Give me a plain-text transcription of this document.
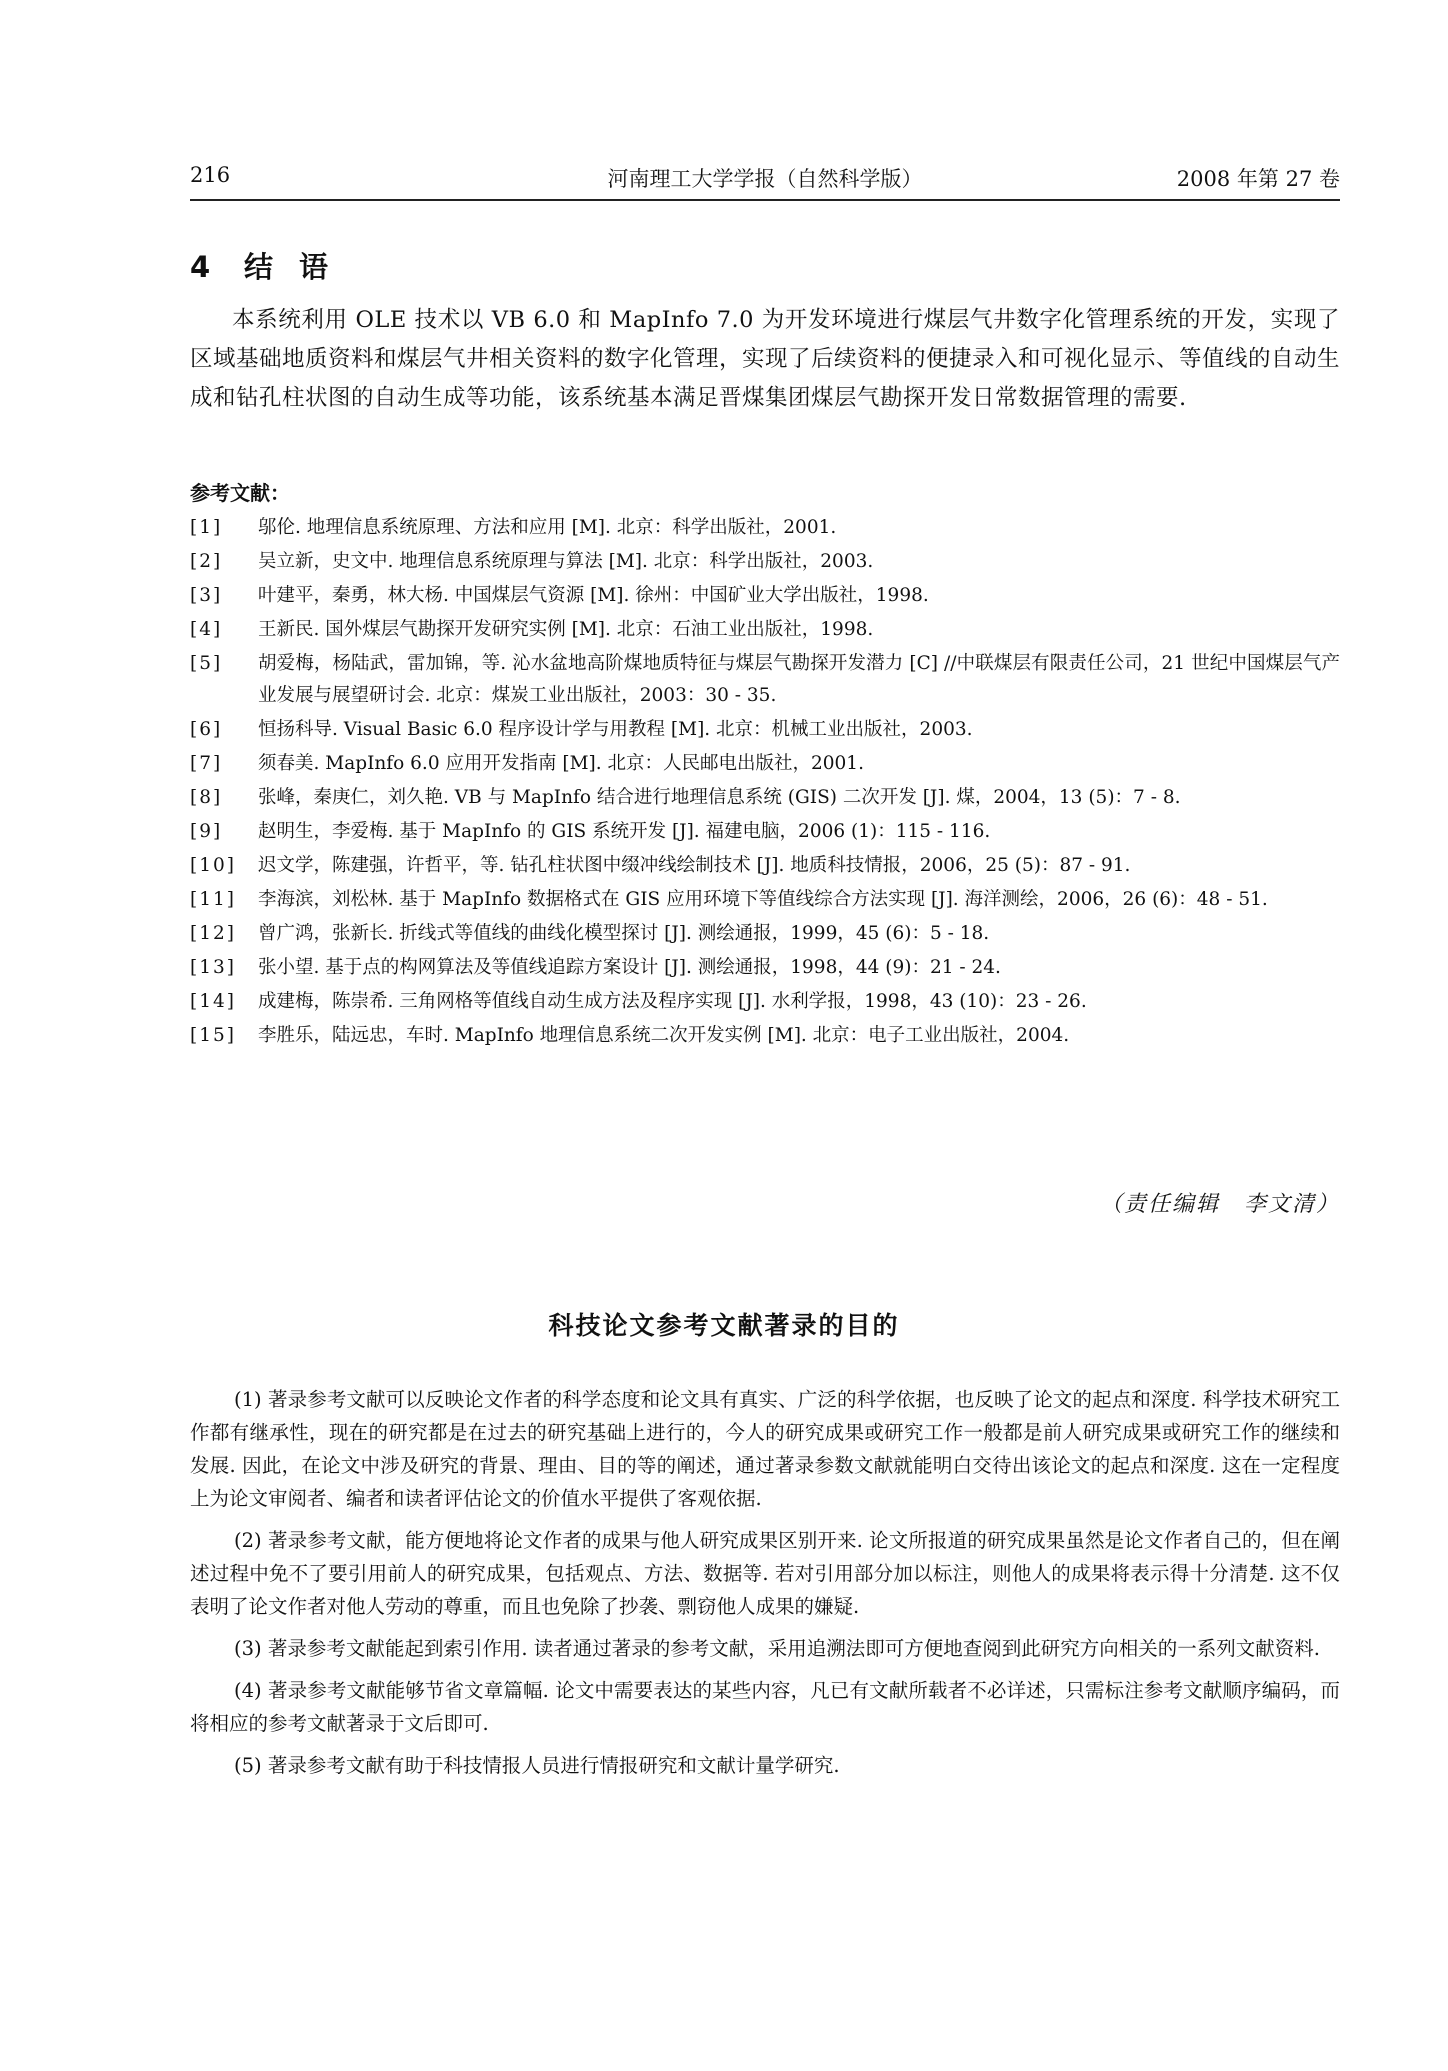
216	河南理工大学学报（自然科学版）	2008 年第 27 卷
4 结语

本系统利用 OLE 技术以 VB 6.0 和 MapInfo 7.0 为开发环境进行煤层气井数字化管理系统的开发，实现了区域基础地质资料和煤层气井相关资料的数字化管理，实现了后续资料的便捷录入和可视化显示、等值线的自动生成和钻孔柱状图的自动生成等功能，该系统基本满足晋煤集团煤层气勘探开发日常数据管理的需要.

参考文献：
[1] 邬伦. 地理信息系统原理、方法和应用 [M]. 北京：科学出版社，2001.
[2] 吴立新，史文中. 地理信息系统原理与算法 [M]. 北京：科学出版社，2003.
[3] 叶建平，秦勇，林大杨. 中国煤层气资源 [M]. 徐州：中国矿业大学出版社，1998.
[4] 王新民. 国外煤层气勘探开发研究实例 [M]. 北京：石油工业出版社，1998.
[5] 胡爱梅，杨陆武，雷加锦，等. 沁水盆地高阶煤地质特征与煤层气勘探开发潜力 [C] //中联煤层有限责任公司，21 世纪中国煤层气产业发展与展望研讨会. 北京：煤炭工业出版社，2003：30 - 35.
[6] 恒扬科导. Visual Basic 6.0 程序设计学与用教程 [M]. 北京：机械工业出版社，2003.
[7] 须春美. MapInfo 6.0 应用开发指南 [M]. 北京：人民邮电出版社，2001.
[8] 张峰，秦庚仁，刘久艳. VB 与 MapInfo 结合进行地理信息系统 (GIS) 二次开发 [J]. 煤，2004，13 (5)：7 - 8.
[9] 赵明生，李爱梅. 基于 MapInfo 的 GIS 系统开发 [J]. 福建电脑，2006 (1)：115 - 116.
[10] 迟文学，陈建强，许哲平，等. 钻孔柱状图中缀冲线绘制技术 [J]. 地质科技情报，2006，25 (5)：87 - 91.
[11] 李海滨，刘松林. 基于 MapInfo 数据格式在 GIS 应用环境下等值线综合方法实现 [J]. 海洋测绘，2006，26 (6)：48 - 51.
[12] 曾广鸿，张新长. 折线式等值线的曲线化模型探讨 [J]. 测绘通报，1999，45 (6)：5 - 18.
[13] 张小望. 基于点的构网算法及等值线追踪方案设计 [J]. 测绘通报，1998，44 (9)：21 - 24.
[14] 成建梅，陈崇希. 三角网格等值线自动生成方法及程序实现 [J]. 水利学报，1998，43 (10)：23 - 26.
[15] 李胜乐，陆远忠，车时. MapInfo 地理信息系统二次开发实例 [M]. 北京：电子工业出版社，2004.
（责任编辑　李文清）
科技论文参考文献著录的目的

(1) 著录参考文献可以反映论文作者的科学态度和论文具有真实、广泛的科学依据，也反映了论文的起点和深度. 科学技术研究工作都有继承性，现在的研究都是在过去的研究基础上进行的，今人的研究成果或研究工作一般都是前人研究成果或研究工作的继续和发展. 因此，在论文中涉及研究的背景、理由、目的等的阐述，通过著录参数文献就能明白交待出该论文的起点和深度. 这在一定程度上为论文审阅者、编者和读者评估论文的价值水平提供了客观依据.

(2) 著录参考文献，能方便地将论文作者的成果与他人研究成果区别开来. 论文所报道的研究成果虽然是论文作者自己的，但在阐述过程中免不了要引用前人的研究成果，包括观点、方法、数据等. 若对引用部分加以标注，则他人的成果将表示得十分清楚. 这不仅表明了论文作者对他人劳动的尊重，而且也免除了抄袭、剽窃他人成果的嫌疑.

(3) 著录参考文献能起到索引作用. 读者通过著录的参考文献，采用追溯法即可方便地查阅到此研究方向相关的一系列文献资料.

(4) 著录参考文献能够节省文章篇幅. 论文中需要表达的某些内容，凡已有文献所载者不必详述，只需标注参考文献顺序编码，而将相应的参考文献著录于文后即可.

(5) 著录参考文献有助于科技情报人员进行情报研究和文献计量学研究.
